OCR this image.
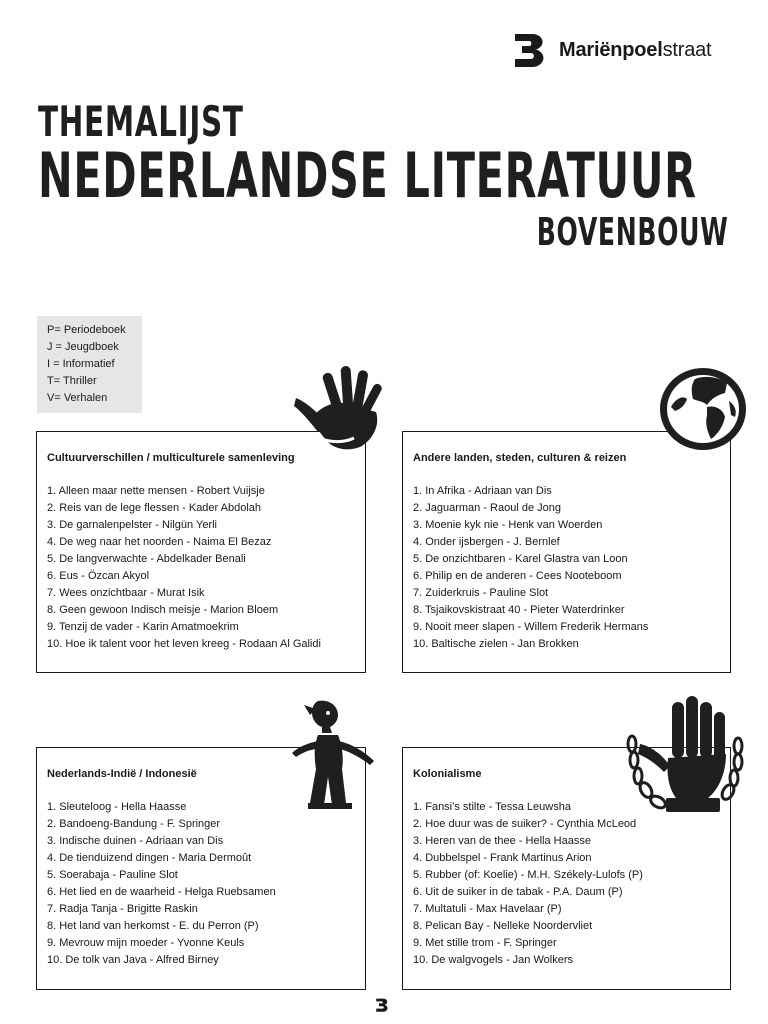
Mariënpoelstraat
THEMALIJST
NEDERLANDSE LITERATUUR
BOVENBOUW
P= Periodeboek
J = Jeugdboek
I = Informatief
T= Thriller
V= Verhalen
Cultuurverschillen / multiculturele samenleving
1. Alleen maar nette mensen - Robert Vuijsje
2. Reis van de lege flessen - Kader Abdolah
3. De garnalenpelster - Nilgün Yerli
4. De weg naar het noorden - Naima El Bezaz
5. De langverwachte - Abdelkader Benali
6. Eus - Özcan Akyol
7. Wees onzichtbaar - Murat Isik
8. Geen gewoon Indisch meisje - Marion Bloem
9. Tenzij de vader - Karin Amatmoekrim
10. Hoe ik talent voor het leven kreeg - Rodaan Al Galidi
Andere landen, steden, culturen & reizen
1. In Afrika - Adriaan van Dis
2. Jaguarman - Raoul de Jong
3. Moenie kyk nie - Henk van Woerden
4. Onder ijsbergen - J. Bernlef
5. De onzichtbaren - Karel Glastra van Loon
6. Philip en de anderen - Cees Nooteboom
7. Zuiderkruis - Pauline Slot
8. Tsjaikovskistraat 40 - Pieter Waterdrinker
9. Nooit meer slapen - Willem Frederik Hermans
10. Baltische zielen - Jan Brokken
Nederlands-Indië / Indonesië
1. Sleuteloog - Hella Haasse
2. Bandoeng-Bandung - F. Springer
3. Indische duinen - Adriaan van Dis
4. De tienduizend dingen - Maria Dermoût
5. Soerabaja - Pauline Slot
6. Het lied en de waarheid - Helga Ruebsamen
7. Radja Tanja - Brigitte Raskin
8. Het land van herkomst - E. du Perron (P)
9. Mevrouw mijn moeder - Yvonne Keuls
10. De tolk van Java - Alfred Birney
Kolonialisme
1. Fansi’s stilte - Tessa Leuwsha
2. Hoe duur was de suiker? - Cynthia McLeod
3. Heren van de thee - Hella Haasse
4. Dubbelspel - Frank Martinus Arion
5. Rubber (of: Koelie) - M.H. Székely-Lulofs (P)
6. Uit de suiker in de tabak - P.A. Daum (P)
7. Multatuli - Max Havelaar (P)
8. Pelican Bay - Nelleke Noordervliet
9. Met stille trom - F. Springer
10. De walgvogels - Jan Wolkers
